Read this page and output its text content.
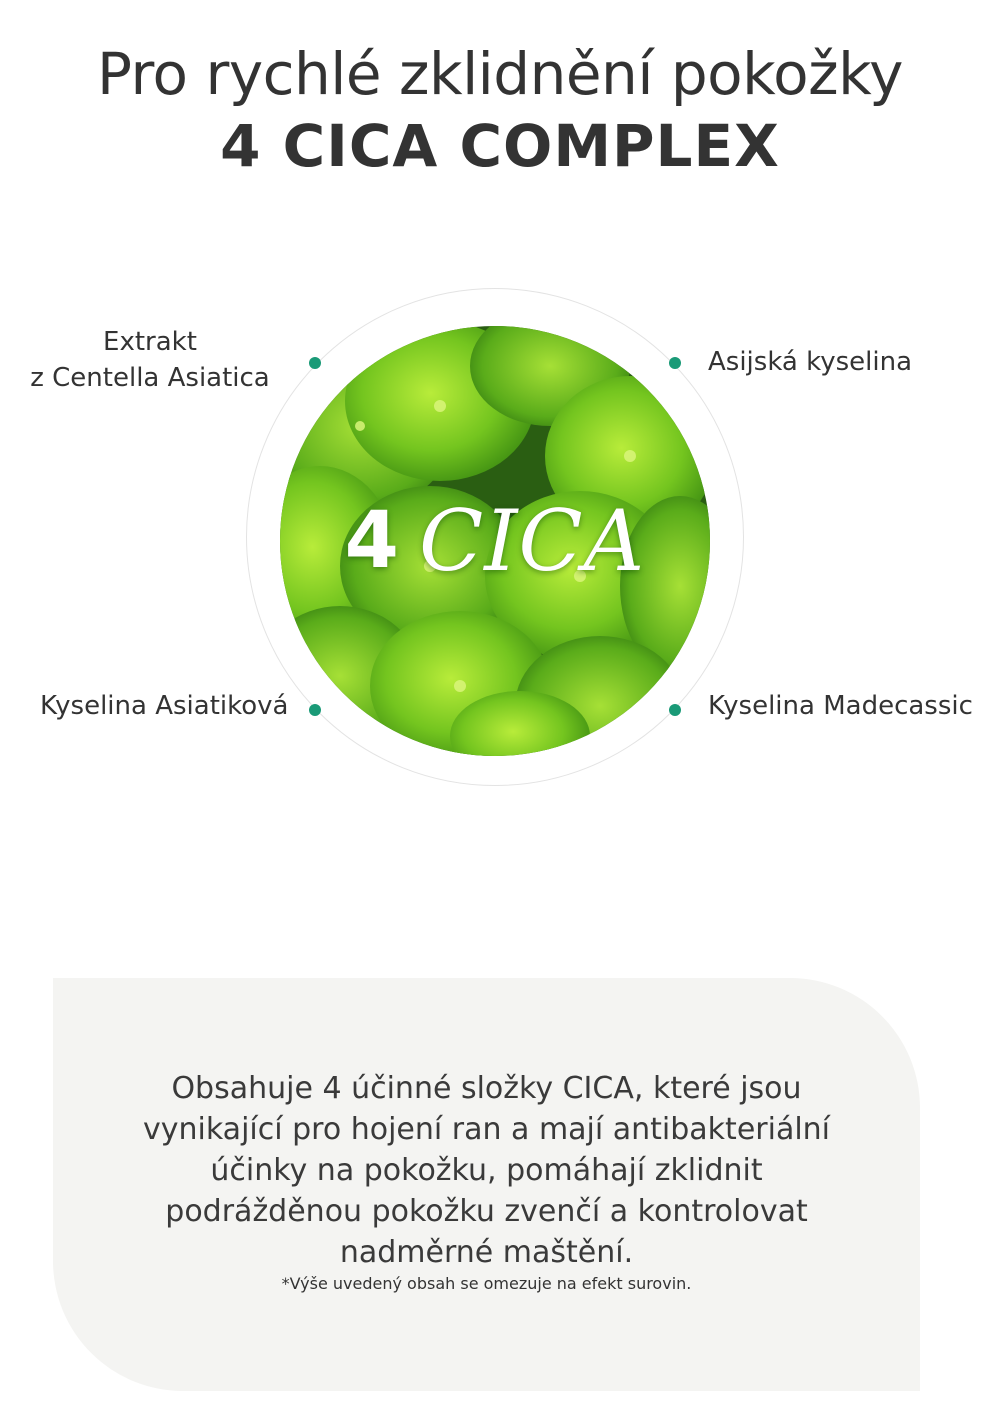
Pro rychlé zklidnění pokožky
4 CICA COMPLEX
4 CICA
Extrakt
z Centella Asiatica
Asijská kyselina
Kyselina Asiatiková	Kyselina Madecassic
Obsahuje 4 účinné složky CICA, které jsou vynikající pro hojení ran a mají antibakteriální účinky na pokožku, pomáhají zklidnit podrážděnou pokožku zvenčí a kontrolovat nadměrné maštění.
*Výše uvedený obsah se omezuje na efekt surovin.
